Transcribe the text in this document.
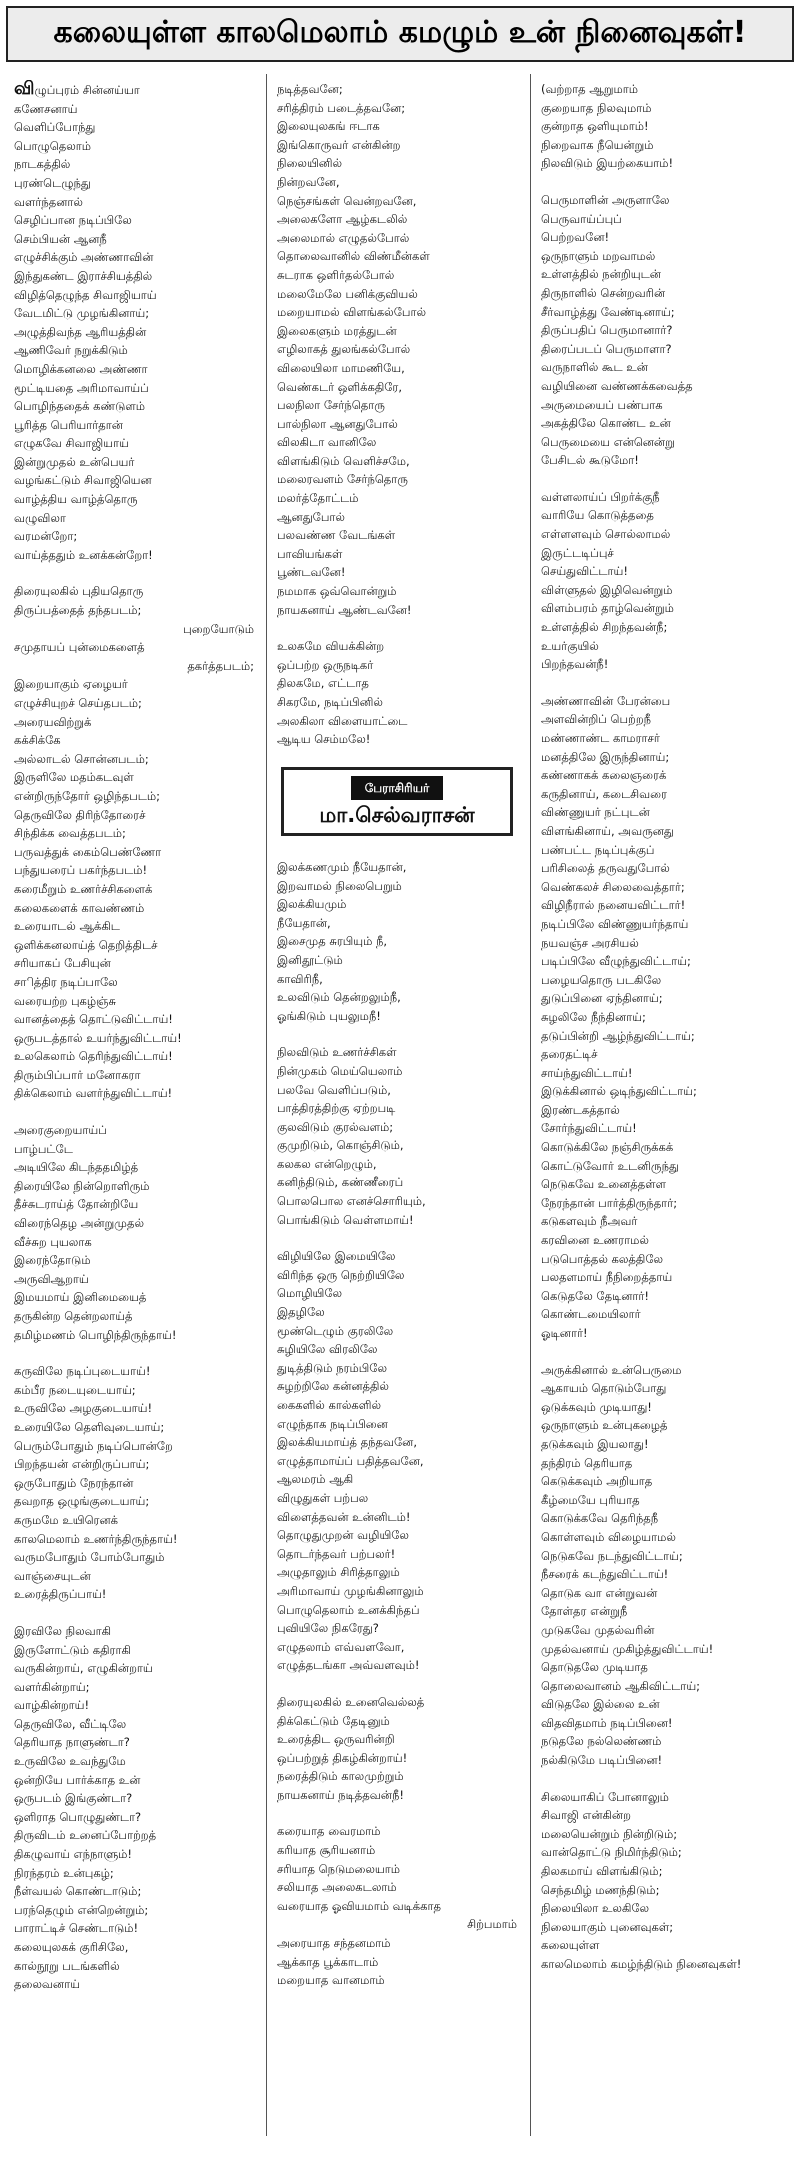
கலையுள்ள காலமெலாம் கமழும் உன் நினைவுகள்!
விழுப்புரம் சின்னய்யா
கணேசனாய்
வெளிப்போந்து
பொழுதெலாம்
நாடகத்தில்
புரண்டெழுந்து
வளர்ந்தனால்
செழிப்பான நடிப்பிலே
செம்பியன் ஆனநீ
எழுச்சிக்கும் அண்ணாவின்
இந்துகண்ட இராச்சியத்தில்
விழித்தெழுந்த சிவாஜியாய்
வேடமிட்டு முழங்கினாய்;
அழுத்திவந்த ஆரியத்தின்
ஆணிவேர் நறுக்கிடும்
மொழிக்கனலை அண்ணா
மூட்டியதை அரிமாவாய்ப்
பொழிந்ததைக் கண்டுளம்
பூரித்த பெரியார்தான்
எழுகவே சிவாஜியாய்
இன்றுமுதல் உன்பெயர்
வழங்கட்டும் சிவாஜியென
வாழ்த்திய வாழ்த்தொரு
வழுவிலா
வரமன்றோ;
வாய்த்ததும் உனக்கன்றோ!
திரையுலகில் புதியதொரு
திருப்பத்தைத் தந்தபடம்;
புறையோடும்
சமுதாயப் புன்மைகளைத்
தகர்த்தபடம்;
இறையாகும் ஏழையர்
எழுச்சியுறச் செய்தபடம்;
அரையவிற்றுக்
கக்சிக்கே
அல்லாடல் சொன்னபடம்;
இருளிலே மதம்கடவுள்
என்றிருந்தோர் ஒழிந்தபடம்;
தெருவிலே திரிந்தோரைச்
சிந்திக்க வைத்தபடம்;
பருவத்துக் கைம்பெண்ணோ
பந்துயரைப் பகர்ந்தபடம்!
கரைமீறும் உணர்ச்சிகளைக்
கலைகளைக் காவண்ணம்
உரையாடல் ஆக்கிட
ஒளிக்கனலாய்த் தெறித்திடச்
சரியாகப் பேசியுன்
சாித்திர நடிப்பாலே
வரையற்ற புகழ்ஞ்சு
வானத்தைத் தொட்டுவிட்டாய்!
ஒருபடத்தால் உயர்ந்துவிட்டாய்!
உலகெலாம் தெரிந்துவிட்டாய்!
திரும்பிப்பார் மனோகரா
திக்கெலாம் வளர்ந்துவிட்டாய்!
அரைகுறையாய்ப்
பாழ்பட்டே
அடியிலே கிடந்ததமிழ்த்
திரையிலே நின்றொளிரும்
தீச்சுடராய்த் தோன்றியே
விரைந்தெழ அன்றுமுதல்
வீச்சுற புயலாக
இரைந்தோடும்
அருவிஆறாய்
இமயமாய் இனிமையைத்
தருகின்ற தென்றலாய்த்
தமிழ்மணம் பொழிந்திருந்தாய்!
கருவிலே நடிப்புடையாய்!
கம்பீர நடையுடையாய்;
உருவிலே அழகுடையாய்!
உரையிலே தெளிவுடையாய்;
பெரும்போதும் நடிப்பொன்றே
பிறந்தயன் என்றிருப்பாய்;
ஒருபோதும் நேரந்தான்
தவறாத ஒழுங்குடையாய்;
கருமமே உயிரெனக்
காலமெலாம் உணர்ந்திருந்தாய்!
வருமபோதும் போம்போதும்
வாஞ்சையுடன்
உரைத்திருப்பாய்!
இரவிலே நிலவாகி
இருளோட்டும் கதிராகி
வருகின்றாய், எழுகின்றாய்
வளர்கின்றாய்;
வாழ்கின்றாய்!
தெருவிலே, வீட்டிலே
தெரியாத நாளுண்டா?
உருவிலே உவந்துமே
ஒன்றியே பார்க்காத உன்
ஒருபடம் இங்குண்டா?
ஒளிராத பொழுதுண்டா?
திருவிடம் உனைப்போற்றத்
திகழுவாய் எந்நாளும்!
நிரந்தரம் உன்புகழ்;
நீள்வயல் கொண்டாடும்;
பரந்தெழும் என்றென்றும்;
பாராட்டிச் செண்டாடும்!
கலையுலகக் குரிசிலே,
கால்நூறு படங்களில்
தலைவனாய்
நடித்தவனே;
சரித்திரம் படைத்தவனே;
இலையுலகங் ஈடாக
இங்கொருவர் என்கின்ற
நிலையினில்
நின்றவனே,
நெஞ்சங்கள் வென்றவனே,
அலைகளோ ஆழ்கடலில்
அலைமால் எழுதல்போல்
தொலைவானில் விண்மீன்கள்
சுடராக ஒளிர்தல்போல்
மலைமேலே பனிக்குவியல்
மறையாமல் விளங்கல்போல்
இலைகளும் மரத்துடன்
எழிலாகத் துலங்கல்போல்
விலையிலா மாமணியே,
வெண்கடர் ஒளிக்கதிரே,
பலநிலா சேர்ந்தொரு
பால்நிலா ஆனதுபோல்
விலகிடா வானிலே
விளங்கிடும் வெளிச்சமே,
மலைரவளம் சேர்ந்தொரு
மலர்த்தோட்டம்
ஆனதுபோல்
பலவண்ண வேடங்கள்
பாவியங்கள்
பூண்டவனே!
நமமாக ஒவ்வொன்றும்
நாயகனாய் ஆண்டவனே!
உலகமே வியக்கின்ற
ஒப்பற்ற ஒருநடிகர்
திலகமே, எட்டாத
சிகரமே, நடிப்பினில்
அலகிலா விளையாட்டை
ஆடிய செம்மலே!
பேராசிரியர்
மா.செல்வராசன்
இலக்கணமும் நீயேதான்,
இறவாமல் நிலைபெறும்
இலக்கியமும்
நீயேதான்,
இசைமுத சுரபியும் நீ,
இனிதூட்டும்
காவிரிநீ,
உலவிடும் தென்றலும்நீ,
ஓங்கிடும் புயலுமநீ!
நிலவிடும் உணர்ச்சிகள்
நின்முகம் மெய்யெலாம்
பலவே வெளிப்படும்,
பாத்திரத்திற்கு ஏற்றபடி
குலவிடும் குரல்வளம்;
குமுறிடும், கொஞ்சிடும்,
கலகல என்றெழும்,
கனிந்திடும், கண்ணீரைப்
பொலபொல எனச்சொரியும்,
பொங்கிடும் வெள்ளமாய்!
விழியிலே இமையிலே
விரிந்த ஒரு நெற்றியிலே
மொழியிலே
இதழிலே
மூண்டெழும் குரலிலே
சுழியிலே விரலிலே
துடித்திடும் நரம்பிலே
சுழற்றிலே கன்னத்தில்
கைகளில் கால்களில்
எழுந்தாக நடிப்பினை
இலக்கியமாய்த் தந்தவனே,
எழுத்தாமாய்ப் பதித்தவனே,
ஆலமரம் ஆகி
விழுதுகள் பற்பல
விளைத்தவன் உன்னிடம்!
தொழுதுமுறன் வழியிலே
தொடர்ந்தவர் பற்பலர்!
அழுதாலும் சிரித்தாலும்
அரிமாவாய் முழங்கினாலும்
பொழுதெலாம் உனக்கிந்தப்
புவியிலே நிகரேது?
எழுதலாம் எவ்வளவோ,
எழுத்தடங்கா அவ்வளவும்!
திரையுலகில் உனைவெல்லத்
திக்கெட்டும் தேடினும்
உரைத்திட ஒருவரின்றி
ஒப்பற்றுத் திகழ்கின்றாய்!
நரைத்திடும் காலமுற்றும்
நாயகனாய் நடித்தவன்நீ!
கரையாத வைரமாம்
கரியாத சூரியனாம்
சரியாத நெடுமலையாம்
சலியாத அலைகடலாம்
வரையாத ஓவியமாம் வடிக்காத
சிற்பமாம்
அரையாத சந்தனமாம்
ஆக்காத பூக்காடாம்
மறையாத வானமாம்
(வற்றாத ஆறுமாம்
குறையாத நிலவுமாம்
குன்றாத ஒளியுமாம்!
நிறைவாக நீயென்றும்
நிலவிடும் இயற்கையாம்!
பெருமாளின் அருளாலே
பெருவாய்ப்புப்
பெற்றவனே!
ஒருநாளும் மறவாமல்
உள்ளத்தில் நன்றியுடன்
திருநாளில் சென்றவரின்
சீர்வாழ்த்து வேண்டினாய்;
திருப்பதிப் பெருமானார்?
திரைப்படப் பெருமாளா?
வருநாளில் கூட உன்
வழியினை வண்ணக்கவைத்த
அருமையைப் பண்பாக
அகத்திலே கொண்ட உன்
பெருமையை என்னென்று
பேசிடல் கூடுமோ!
வள்ளலாய்ப் பிறர்க்குநீ
வாரியே கொடுத்ததை
எள்ளளவும் சொல்லாமல்
இருட்டடிப்புச்
செய்துவிட்டாய்!
விள்ளுதல் இழிவென்றும்
விளம்பரம் தாழ்வென்றும்
உள்ளத்தில் சிறந்தவன்நீ;
உயர்குயில்
பிறந்தவன்நீ!
அண்ணாவின் பேரன்பை
அளவின்றிப் பெற்றநீ
மண்ணாண்ட காமராசர்
மனத்திலே இருந்தினாய்;
கண்ணாகக் கலைஞரைக்
கருதினாய், கடைசிவரை
விண்ணுயர் நட்புடன்
விளங்கினாய், அவருனது
பண்பட்ட நடிப்புக்குப்
பரிசிலைத் தருவதுபோல்
வெண்கலச் சிலைவைத்தார்;
விழிநீரால் நனையவிட்டார்!
நடிப்பிலே விண்ணுயர்ந்தாய்
நயவஞ்ச அரசியல்
படிப்பிலே வீழுந்துவிட்டாய்;
பழையதொரு படகிலே
துடுப்பினை ஏந்தினாய்;
சுழலிலே நீந்தினாய்;
தடுப்பின்றி ஆழ்ந்துவிட்டாய்;
தரைதட்டிச்
சாய்ந்துவிட்டாய்!
இடுக்கினால் ஒடிந்துவிட்டாய்;
இரண்டகத்தால்
சோர்ந்துவிட்டாய்!
கொடுக்கிலே நஞ்சிருக்கக்
கொட்டுவோர் உடனிருந்து
நெடுகவே உனைத்தள்ள
நேரந்தான் பார்த்திருந்தார்;
கடுகளவும் நீஅவர்
கரவினை உணராமல்
படுபொத்தல் கலத்திலே
பலதளமாய் நீநிறைத்தாய்
கெடுதலே தேடினார்!
கொண்டமையிலார்
ஓடினார்!
அருக்கினால் உன்பெருமை
ஆகாயம் தொடும்போது
ஒடுக்கவும் முடியாது!
ஒருநாளும் உன்புகழைத்
தடுக்கவும் இயலாது!
தந்திரம் தெரியாத
கெடுக்கவும் அறியாத
கீழ்மையே புரியாத
கொடுக்கவே தெரிந்தநீ
கொள்ளவும் விழையாமல்
நெடுகவே நடந்துவிட்டாய்;
நீசரைக் கடந்துவிட்டாய்!
தொடுக வா என்றுவன்
தோள்தர என்றுநீ
முடுகவே முதல்வரின்
முதல்வனாய் முகிழ்த்துவிட்டாய்!
தொடுதலே முடியாத
தொலைவானம் ஆகிவிட்டாய்;
விடுதலே இல்லை உன்
விதவிதமாம் நடிப்பினை!
நடுதலே நல்லெண்ணம்
நல்கிடுமே படிப்பினை!
சிலையாகிப் போனாலும்
சிவாஜி என்கின்ற
மலையென்றும் நின்றிடும்;
வான்தொட்டு நிமிர்ந்திடும்;
திலகமாய் விளங்கிடும்;
செந்தமிழ் மணந்திடும்;
நிலையிலா உலகிலே
நிலையாகும் புனைவுகள்;
கலையுள்ள
காலமெலாம் கமழ்ந்திடும் நினைவுகள்!
